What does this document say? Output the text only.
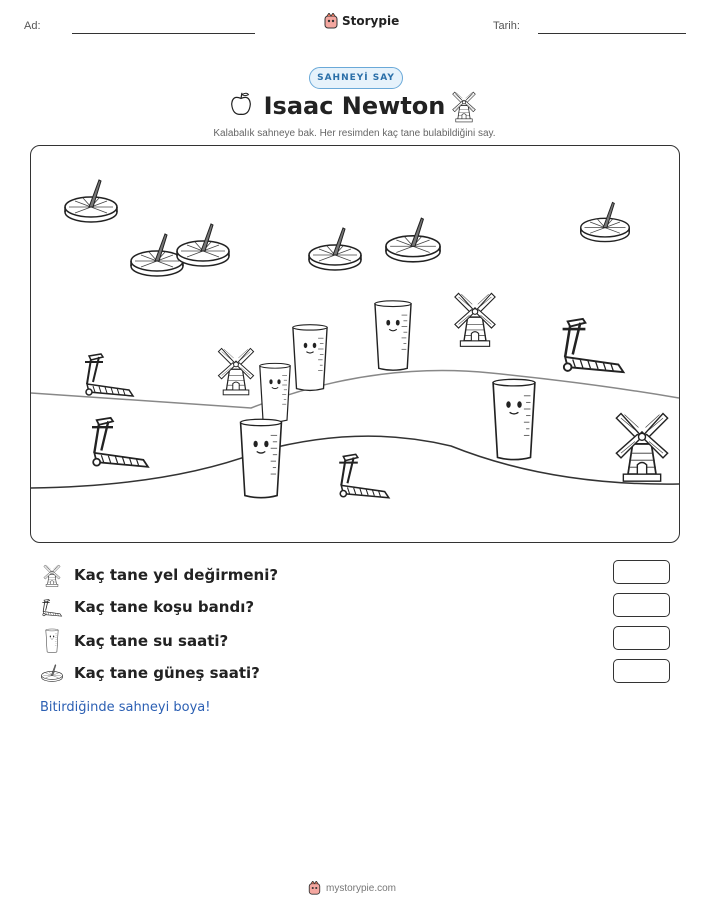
Ad:	Storypie	Tarih:
SAHNEYİ SAY
Isaac Newton
Kalabalık sahneye bak. Her resimden kaç tane bulabildiğini say.
Kaç tane yel değirmeni?
Kaç tane koşu bandı?
Kaç tane su saati?
Kaç tane güneş saati?
Bitirdiğinde sahneyi boya!
mystorypie.com
